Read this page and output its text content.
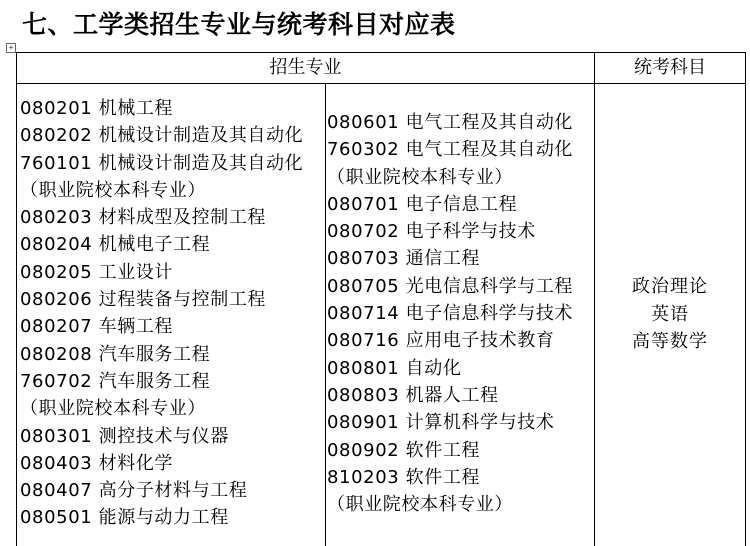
七、工学类招生专业与统考科目对应表
+
招生专业	统考科目
080201 机械工程
080202 机械设计制造及其自动化
760101 机械设计制造及其自动化
（职业院校本科专业）
080203 材料成型及控制工程
080204 机械电子工程
080205 工业设计
080206 过程装备与控制工程
080207 车辆工程
080208 汽车服务工程
760702 汽车服务工程
（职业院校本科专业）
080301 测控技术与仪器
080403 材料化学
080407 高分子材料与工程
080501 能源与动力工程
080601 电气工程及其自动化
760302 电气工程及其自动化
（职业院校本科专业）
080701 电子信息工程
080702 电子科学与技术
080703 通信工程
080705 光电信息科学与工程
080714 电子信息科学与技术
080716 应用电子技术教育
080801 自动化
080803 机器人工程
080901 计算机科学与技术
080902 软件工程
810203 软件工程
（职业院校本科专业）
政治理论
英语
高等数学
